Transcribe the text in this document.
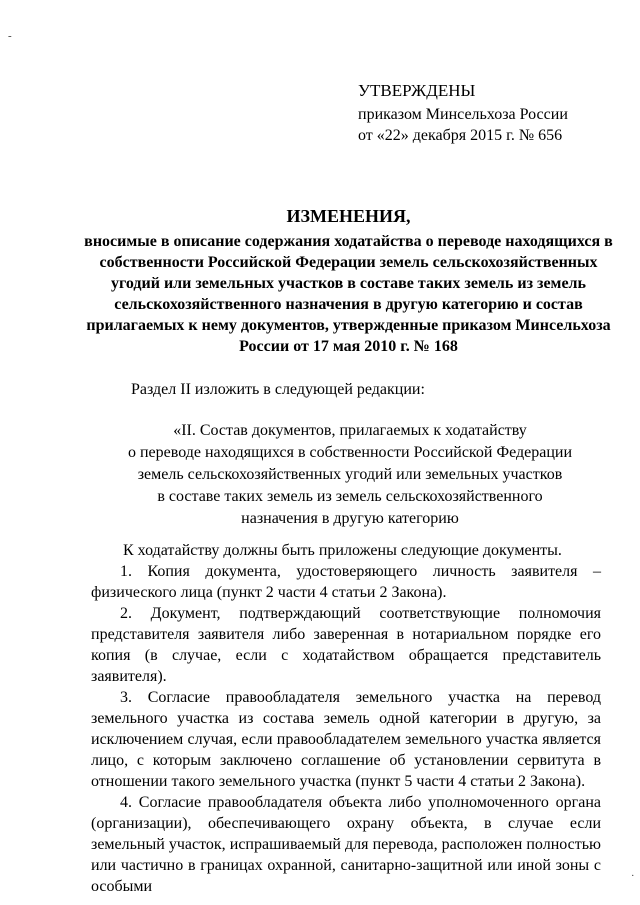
-
УТВЕРЖДЕНЫ
приказом Минсельхоза России
от «22» декабря 2015 г. № 656
ИЗМЕНЕНИЯ,
вносимые в описание содержания ходатайства о переводе находящихся в
собственности Российской Федерации земель сельскохозяйственных
угодий или земельных участков в составе таких земель из земель
сельскохозяйственного назначения в другую категорию и состав
прилагаемых к нему документов, утвержденные приказом Минсельхоза
России от 17 мая 2010 г. № 168
Раздел II изложить в следующей редакции:
«II. Состав документов, прилагаемых к ходатайству
о переводе находящихся в собственности Российской Федерации
земель сельскохозяйственных угодий или земельных участков
в составе таких земель из земель сельскохозяйственного
назначения в другую категорию

К ходатайству должны быть приложены следующие документы.

1. Копия документа, удостоверяющего личность заявителя – физического лица (пункт 2 части 4 статьи 2 Закона).

2. Документ, подтверждающий соответствующие полномочия представителя заявителя либо заверенная в нотариальном порядке его копия (в случае, если с ходатайством обращается представитель заявителя).

3. Согласие правообладателя земельного участка на перевод земельного участка из состава земель одной категории в другую, за исключением случая, если правообладателем земельного участка является лицо, с которым заключено соглашение об установлении сервитута в отношении такого земельного участка (пункт 5 части 4 статьи 2 Закона).

4. Согласие правообладателя объекта либо уполномоченного органа (организации), обеспечивающего охрану объекта, в случае если земельный участок, испрашиваемый для перевода, расположен полностью или частично в границах охранной, санитарно-защитной или иной зоны с особыми

.
